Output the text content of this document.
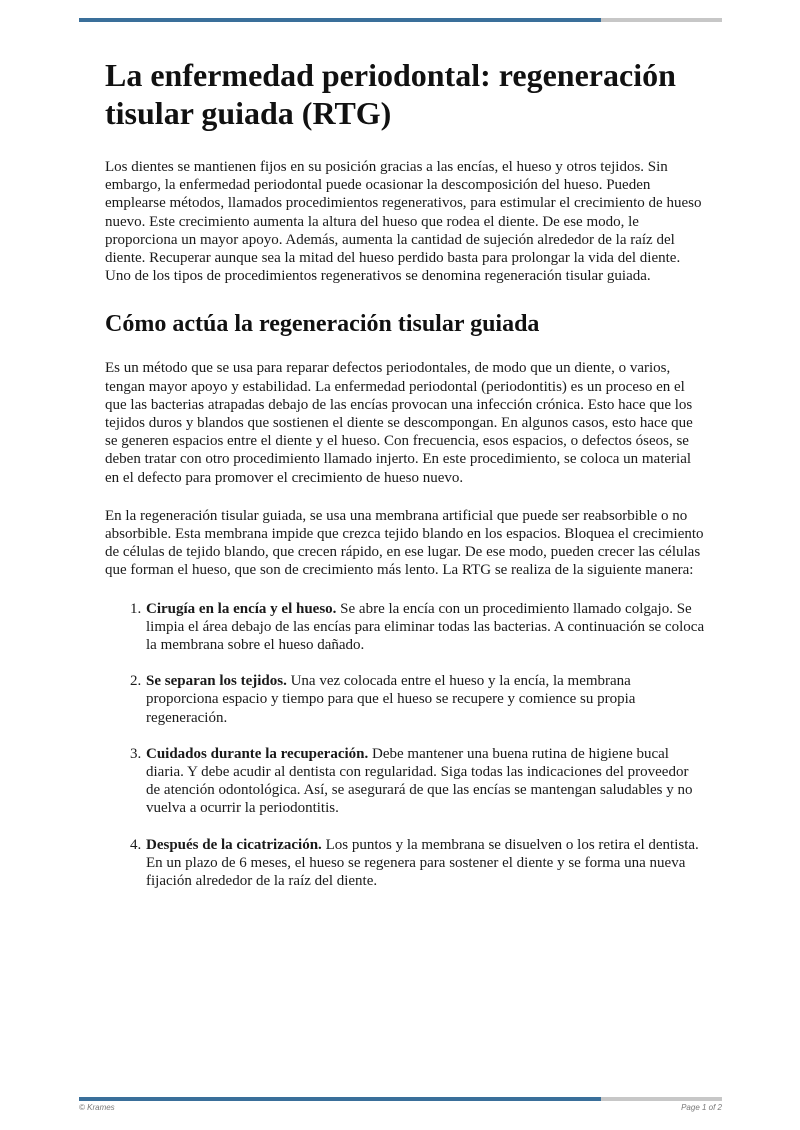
La enfermedad periodontal: regeneración tisular guiada (RTG)

Los dientes se mantienen fijos en su posición gracias a las encías, el hueso y otros tejidos. Sin embargo, la enfermedad periodontal puede ocasionar la descomposición del hueso. Pueden emplearse métodos, llamados procedimientos regenerativos, para estimular el crecimiento de hueso nuevo. Este crecimiento aumenta la altura del hueso que rodea el diente. De ese modo, le proporciona un mayor apoyo. Además, aumenta la cantidad de sujeción alrededor de la raíz del diente. Recuperar aunque sea la mitad del hueso perdido basta para prolongar la vida del diente. Uno de los tipos de procedimientos regenerativos se denomina regeneración tisular guiada.

Cómo actúa la regeneración tisular guiada

Es un método que se usa para reparar defectos periodontales, de modo que un diente, o varios, tengan mayor apoyo y estabilidad. La enfermedad periodontal (periodontitis) es un proceso en el que las bacterias atrapadas debajo de las encías provocan una infección crónica. Esto hace que los tejidos duros y blandos que sostienen el diente se descompongan. En algunos casos, esto hace que se generen espacios entre el diente y el hueso. Con frecuencia, esos espacios, o defectos óseos, se deben tratar con otro procedimiento llamado injerto. En este procedimiento, se coloca un material en el defecto para promover el crecimiento de hueso nuevo.

En la regeneración tisular guiada, se usa una membrana artificial que puede ser reabsorbible o no absorbible. Esta membrana impide que crezca tejido blando en los espacios. Bloquea el crecimiento de células de tejido blando, que crecen rápido, en ese lugar. De ese modo, pueden crecer las células que forman el hueso, que son de crecimiento más lento. La RTG se realiza de la siguiente manera:

1. Cirugía en la encía y el hueso. Se abre la encía con un procedimiento llamado colgajo. Se limpia el área debajo de las encías para eliminar todas las bacterias. A continuación se coloca la membrana sobre el hueso dañado.
2. Se separan los tejidos. Una vez colocada entre el hueso y la encía, la membrana proporciona espacio y tiempo para que el hueso se recupere y comience su propia regeneración.
3. Cuidados durante la recuperación. Debe mantener una buena rutina de higiene bucal diaria. Y debe acudir al dentista con regularidad. Siga todas las indicaciones del proveedor de atención odontológica. Así, se asegurará de que las encías se mantengan saludables y no vuelva a ocurrir la periodontitis.
4. Después de la cicatrización. Los puntos y la membrana se disuelven o los retira el dentista. En un plazo de 6 meses, el hueso se regenera para sostener el diente y se forma una nueva fijación alrededor de la raíz del diente.
© Krames	Page 1 of 2
